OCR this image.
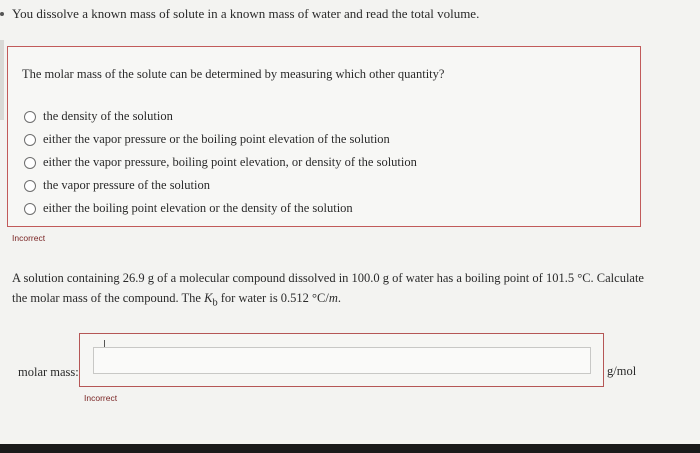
You dissolve a known mass of solute in a known mass of water and read the total volume.
The molar mass of the solute can be determined by measuring which other quantity?
the density of the solution
either the vapor pressure or the boiling point elevation of the solution
either the vapor pressure, boiling point elevation, or density of the solution
the vapor pressure of the solution
either the boiling point elevation or the density of the solution
Incorrect
A solution containing 26.9 g of a molecular compound dissolved in 100.0 g of water has a boiling point of 101.5 °C. Calculate the molar mass of the compound. The $K_b$ for water is 0.512 °C/m.
molar mass:	g/mol
Incorrect
